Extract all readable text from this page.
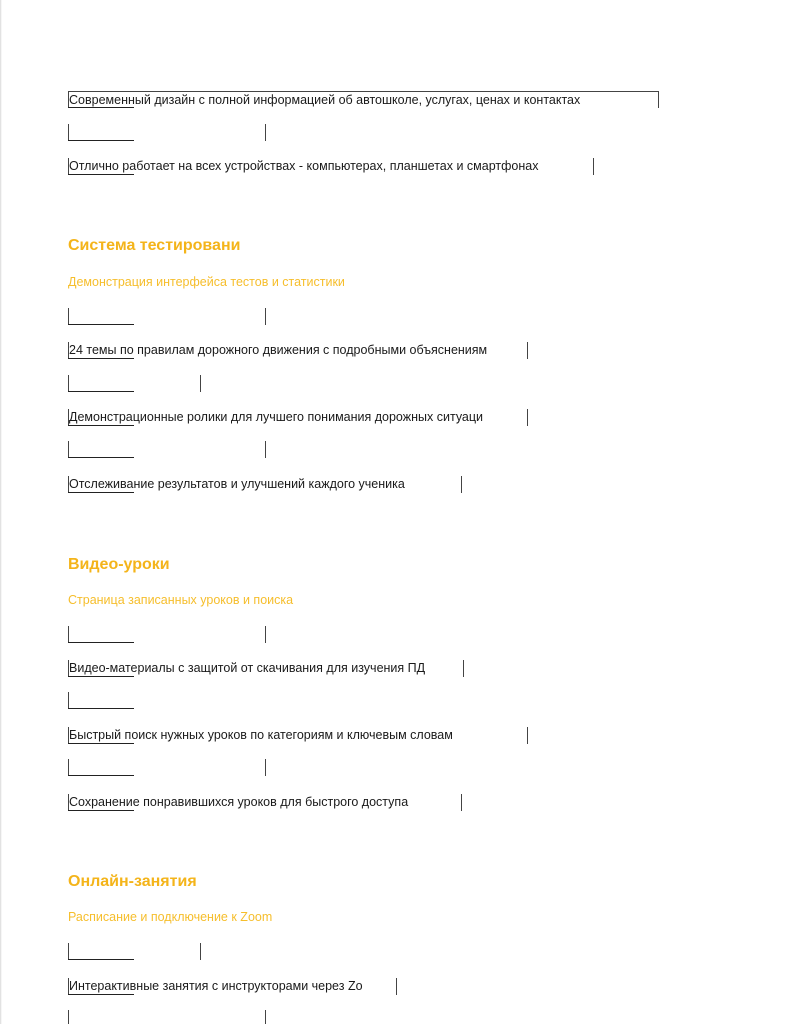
Современный дизайн с полной информацией об автошколе, услугах, ценах и контактах
Отлично работает на всех устройствах - компьютерах, планшетах и смартфонах
Система тестировани
Демонстрация интерфейса тестов и статистики
24 темы по правилам дорожного движения с подробными объяснениям
Демонстрационные ролики для лучшего понимания дорожных ситуаци
Отслеживание результатов и улучшений каждого ученика
Видео-уроки
Страница записанных уроков и поиска
Видео-материалы с защитой от скачивания для изучения ПД
Быстрый поиск нужных уроков по категориям и ключевым словам
Сохранение понравившихся уроков для быстрого доступа
Онлайн-занятия
Расписание и подключение к Zoom
Интерактивные занятия с инструкторами через Zo
